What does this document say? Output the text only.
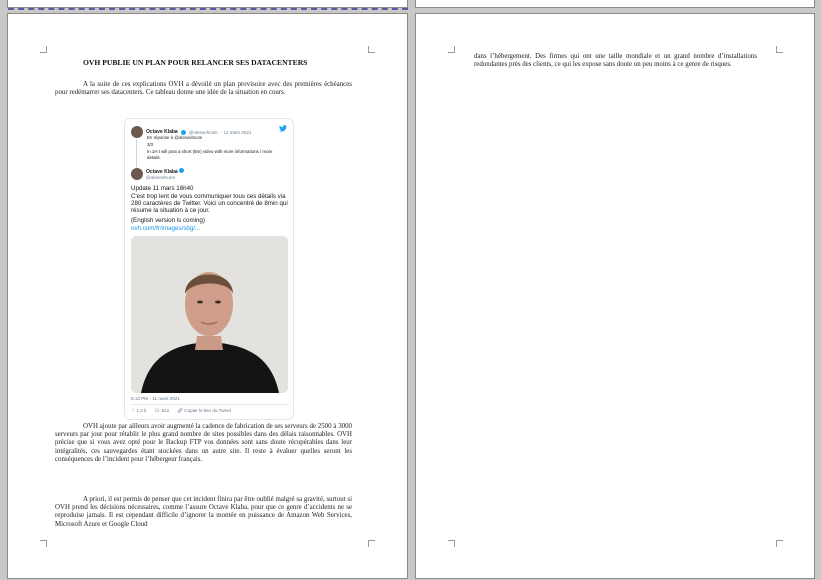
OVH PUBLIE UN PLAN POUR RELANCER SES DATACENTERS
A la suite de ces explications OVH a dévoilé un plan provisoire avec des premières échéances pour redémarrer ses datacenters. Ce tableau donne une idée de la situation en cours.
Octave Klaba @olesovhcom · 11 mars 2021
En réponse à @olesovhcom
3/3
In 1H I will post a short (8m) video with more informations / more details.
Octave Klaba
@olesovhcom
Update 11 mars 16h40
C'est trop lent de vous communiquer tous ces détails via 280 caractères de Twitter. Voici un concentré de 8min qui résume la situation à ce jour.
(English version is coming)
ovh.com/fr/images/sbg/...
5:13 PM · 11 mars 2021
♡ 1,2 k 💬︎ 612 🔗︎ Copier le lien du Tweet
OVH ajoute par ailleurs avoir augmenté la cadence de fabrication de ses serveurs de 2500 à 3000 serveurs par jour pour rétablir le plus grand nombre de sites possibles dans des délais raisonnables. OVH précise que si vous avez opté pour le Backup FTP vos données sont sans doute récupérables dans leur intégralités, ces sauvegardes étant stockées dans un autre site. Il reste à évaluer quelles seront les conséquences de l’incident pour l’hébergeur français.
A priori, il est permis de penser que cet incident finira par être oublié malgré sa gravité, surtout si OVH prend les décisions nécessaires, comme l’assure Octave Klaba, pour que ce genre d’accidents ne se reproduise jamais. Il est cependant difficile d’ignorer la montée en puissance de Amazon Web Services, Microsoft Azure et Google Cloud
dans l’hébergement. Des firmes qui ont une taille mondiale et un grand nombre d’installations redondantes près des clients, ce qui les expose sans doute un peu moins à ce genre de risques.
